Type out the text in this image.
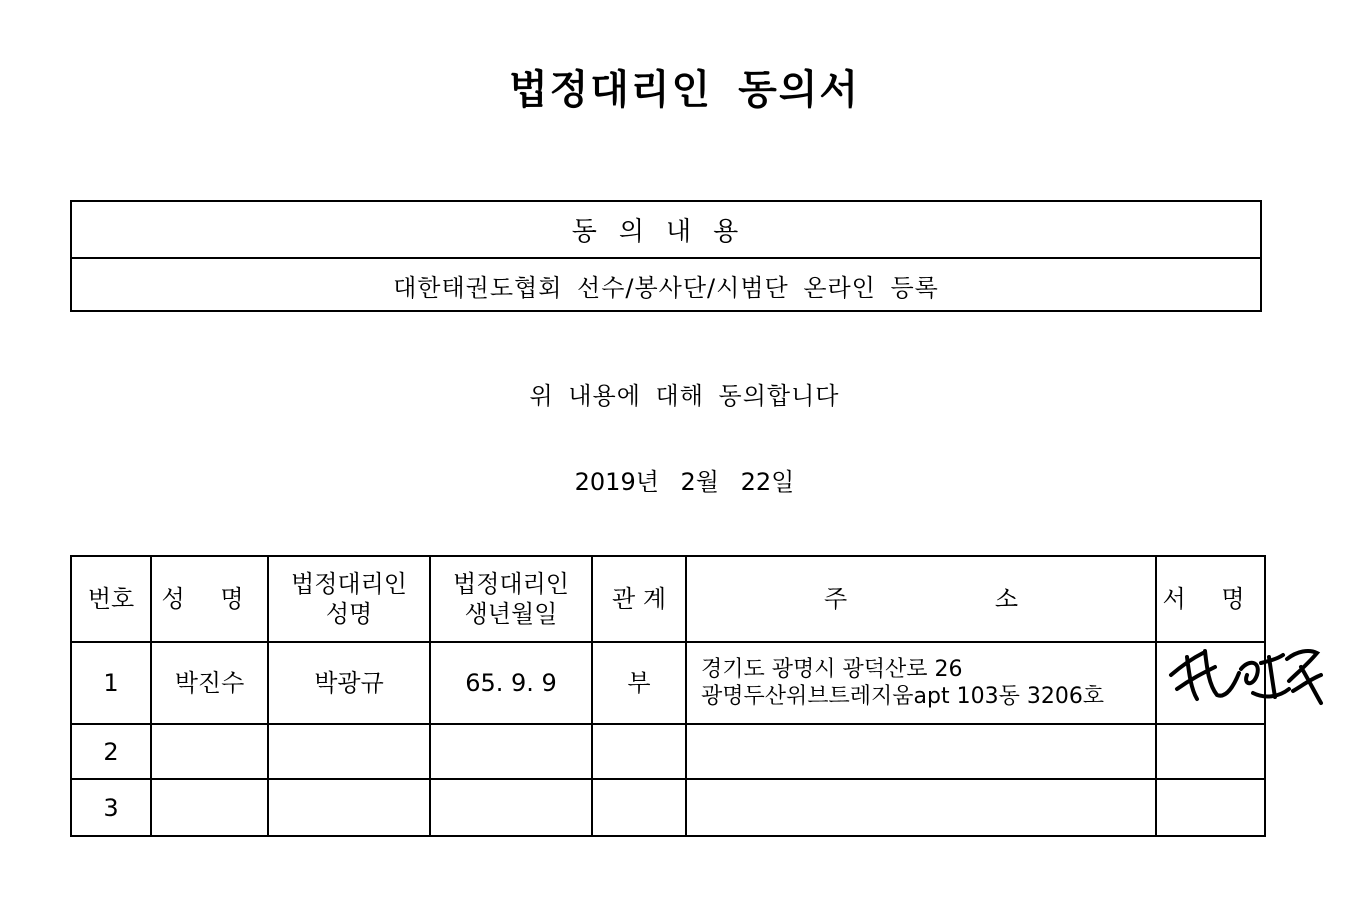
법정대리인 동의서
동의내용
대한태권도협회 선수/봉사단/시범단 온라인 등록
위 내용에 대해 동의합니다
2019년 2월 22일
번호	성 명	법정대리인 성명	법정대리인 생년월일	관 계	주 소	서 명
1	박진수	박광규	65. 9. 9	부	경기도 광명시 광덕산로 26
광명두산위브트레지움apt 103동 3206호

2					

3					
